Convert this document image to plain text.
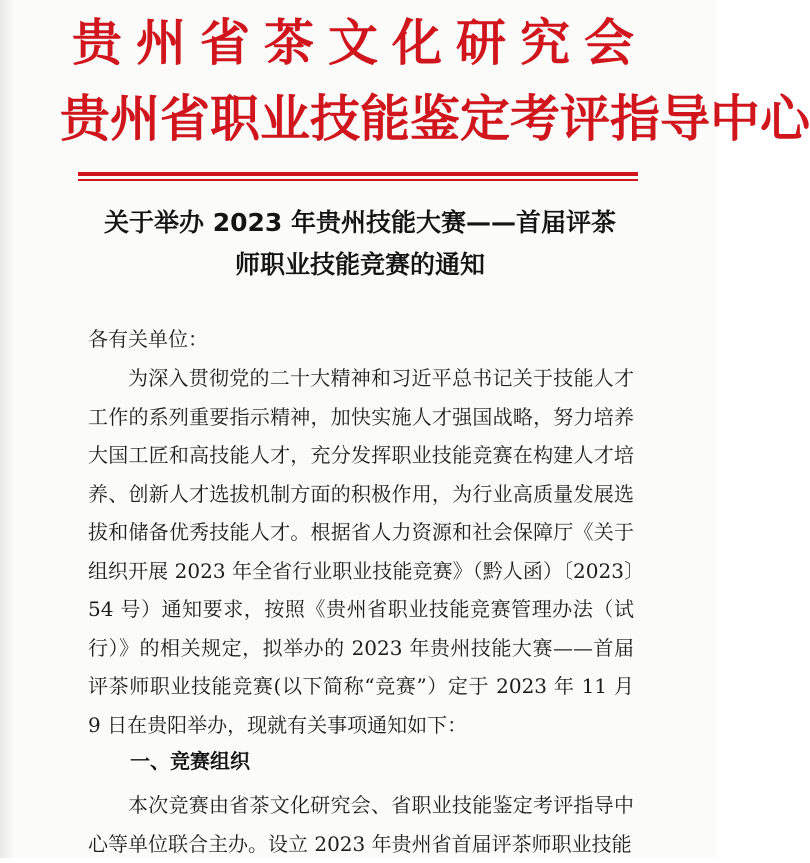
贵州省茶文化研究会
贵州省职业技能鉴定考评指导中心
关于举办 2023 年贵州技能大赛——首届评茶
师职业技能竞赛的通知
各有关单位：
为深入贯彻党的二十大精神和习近平总书记关于技能人才工作的系列重要指示精神，加快实施人才强国战略，努力培养大国工匠和高技能人才，充分发挥职业技能竞赛在构建人才培养、创新人才选拔机制方面的积极作用，为行业高质量发展选拔和储备优秀技能人才。根据省人力资源和社会保障厅《关于组织开展 2023 年全省行业职业技能竞赛》（黔人函）〔2023〕54 号）通知要求，按照《贵州省职业技能竞赛管理办法（试行）》的相关规定，拟举办的 2023 年贵州技能大赛——首届评茶师职业技能竞赛(以下简称“竞赛”）定于 2023 年 11 月 9 日在贵阳举办，现就有关事项通知如下：
一、竞赛组织
本次竞赛由省茶文化研究会、省职业技能鉴定考评指导中心等单位联合主办。设立 2023 年贵州省首届评茶师职业技能
